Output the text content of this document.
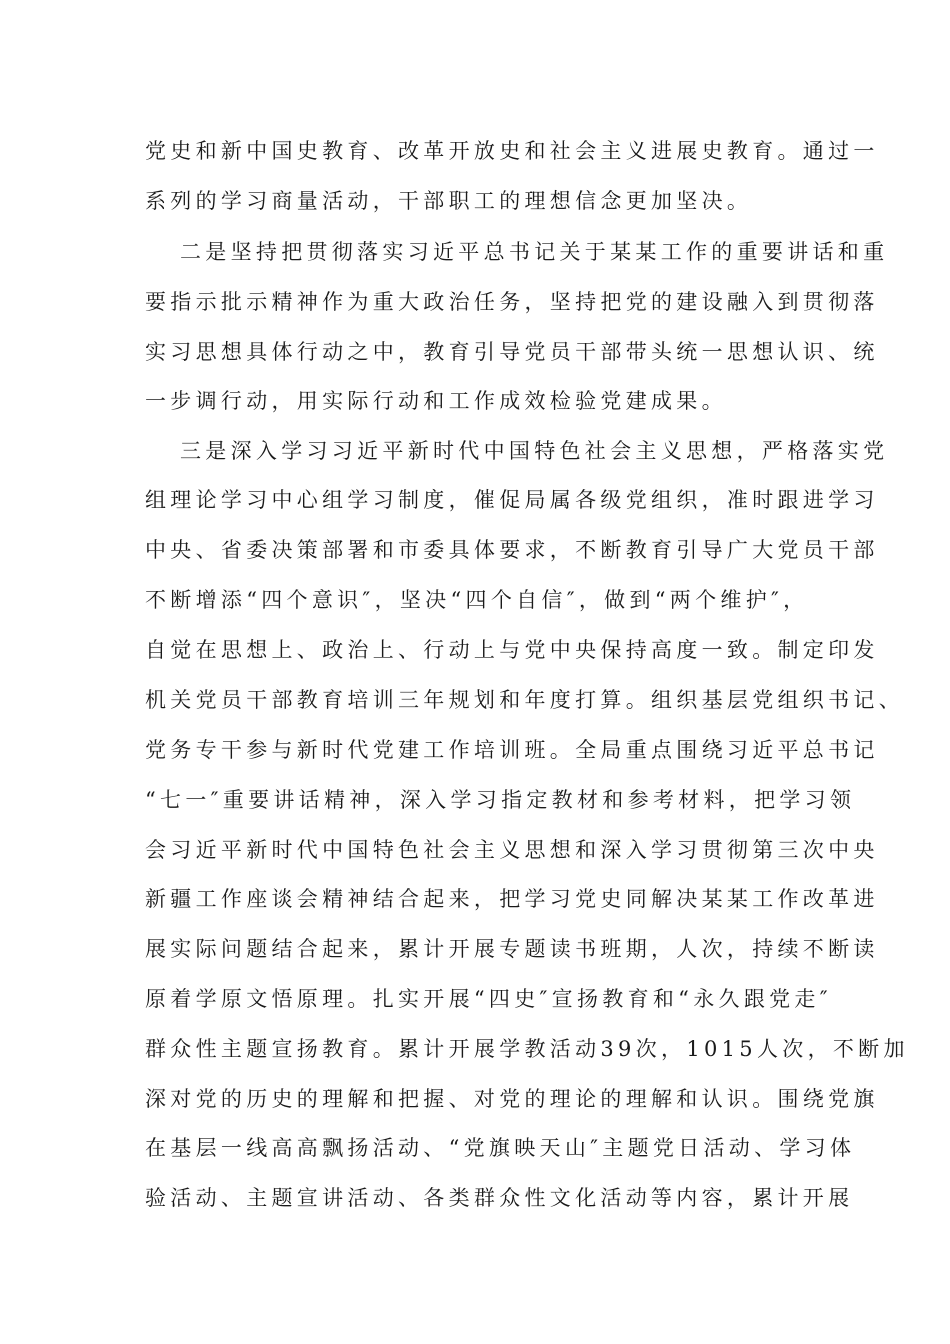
党史和新中国史教育、改革开放史和社会主义进展史教育。通过一
系列的学习商量活动，干部职工的理想信念更加坚决。
二是坚持把贯彻落实习近平总书记关于某某工作的重要讲话和重
要指示批示精神作为重大政治任务，坚持把党的建设融入到贯彻落
实习思想具体行动之中，教育引导党员干部带头统一思想认识、统
一步调行动，用实际行动和工作成效检验党建成果。
三是深入学习习近平新时代中国特色社会主义思想，严格落实党
组理论学习中心组学习制度，催促局属各级党组织，准时跟进学习
中央、省委决策部署和市委具体要求，不断教育引导广大党员干部
不断增添“四个意识″，坚决“四个自信″，做到“两个维护″，
自觉在思想上、政治上、行动上与党中央保持高度一致。制定印发
机关党员干部教育培训三年规划和年度打算。组织基层党组织书记、
党务专干参与新时代党建工作培训班。全局重点围绕习近平总书记
“七一″重要讲话精神，深入学习指定教材和参考材料，把学习领
会习近平新时代中国特色社会主义思想和深入学习贯彻第三次中央
新疆工作座谈会精神结合起来，把学习党史同解决某某工作改革进
展实际问题结合起来，累计开展专题读书班期，人次，持续不断读
原着学原文悟原理。扎实开展“四史″宣扬教育和“永久跟党走″
群众性主题宣扬教育。累计开展学教活动39次，1015人次，不断加
深对党的历史的理解和把握、对党的理论的理解和认识。围绕党旗
在基层一线高高飘扬活动、“党旗映天山″主题党日活动、学习体
验活动、主题宣讲活动、各类群众性文化活动等内容，累计开展
